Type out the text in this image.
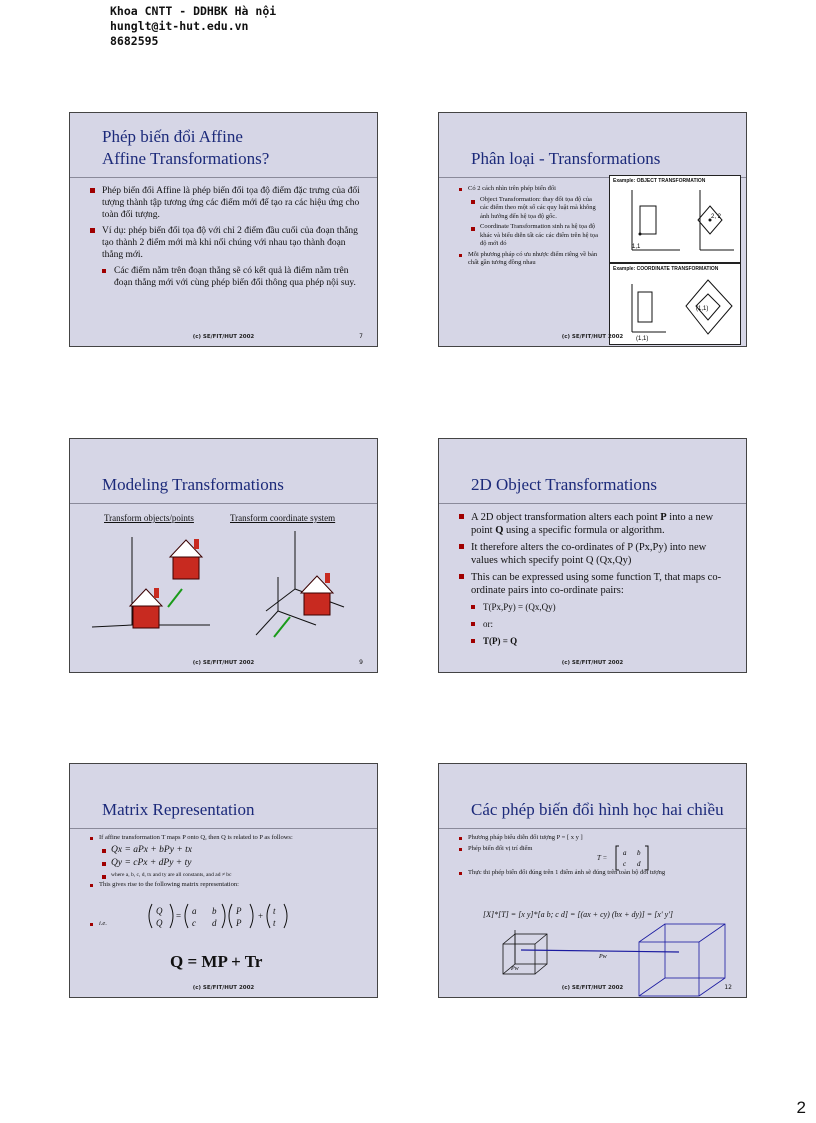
Khoa CNTT - DDHBK Hà nội
hunglt@it-hut.edu.vn
8682595
Phép biến đổi Affine
Affine Transformations?
Phép biến đổi Affine là phép biến đổi tọa độ điểm đặc trưng của đối tượng thành tập tương ứng các điểm mới để tạo ra các hiệu ứng cho toàn đối tượng.
Ví dụ: phép biến đổi tọa độ với chỉ 2 điểm đầu cuối của đoạn thẳng tạo thành 2 điểm mới mà khi nối chúng với nhau tạo thành đoạn thẳng mới.
Các điểm nằm trên đoạn thẳng sẽ có kết quả là điểm nằm trên đoạn thẳng mới với cùng phép biến đổi thông qua phép nội suy.
(c) SE/FIT/HUT 2002	7
Phân loại - Transformations
Có 2 cách nhìn trên phép biến đổi
Object Transformation: thay đổi tọa độ của các điểm theo một số các quy luật mà không ảnh hưởng đến hệ tọa độ gốc.
Coordinate Transformation sinh ra hệ tọa độ khác và biểu diễn tất các các điểm trên hệ tọa độ mới đó
Mỗi phương pháp có ưu nhược điểm riêng về bản chất gần tương đồng nhau
Example: OBJECT TRANSFORMATION
1,1
2, 2
Example: COORDINATE TRANSFORMATION
(1,1)
(1,1)
(c) SE/FIT/HUT 2002
Modeling Transformations
Transform objects/points	Transform coordinate system
(c) SE/FIT/HUT 2002	9
2D Object Transformations
A 2D object transformation alters each point P into a new point Q using a specific formula or algorithm.
It therefore alters the co-ordinates of P (Px,Py) into new values which specify point Q (Qx,Qy)
This can be expressed using some function T, that maps co-ordinate pairs into co-ordinate pairs:
T(Px,Py) = (Qx,Qy)
or:
T(P) = Q
(c) SE/FIT/HUT 2002
Matrix Representation
If affine transformation T maps P onto Q, then Q is related to P as follows:
Qx = aPx + bPy + tx
Qy = cPx + dPy + ty
where a, b, c, d, tx and ty are all constants, and ad ≠ bc
This gives rise to the following matrix representation:
i.e.
Q
Q
= a b
c d
P
P
+ t
t
Q = MP + Tr
(c) SE/FIT/HUT 2002
Các phép biến đổi hình học hai chiều
Phương pháp biểu diễn đối tượng P = [ x y ]
Phép biến đổi vị trí điểm
T =
a b
c d
Thực thi phép biến đổi đúng trên 1 điểm ảnh sẽ đúng trên toàn bộ đối tượng
[X]*[T] = [x y]*[a b; c d] = [(ax + cy) (bx + dy)] = [x' y']
Pw
Pw
(c) SE/FIT/HUT 2002	12
2
